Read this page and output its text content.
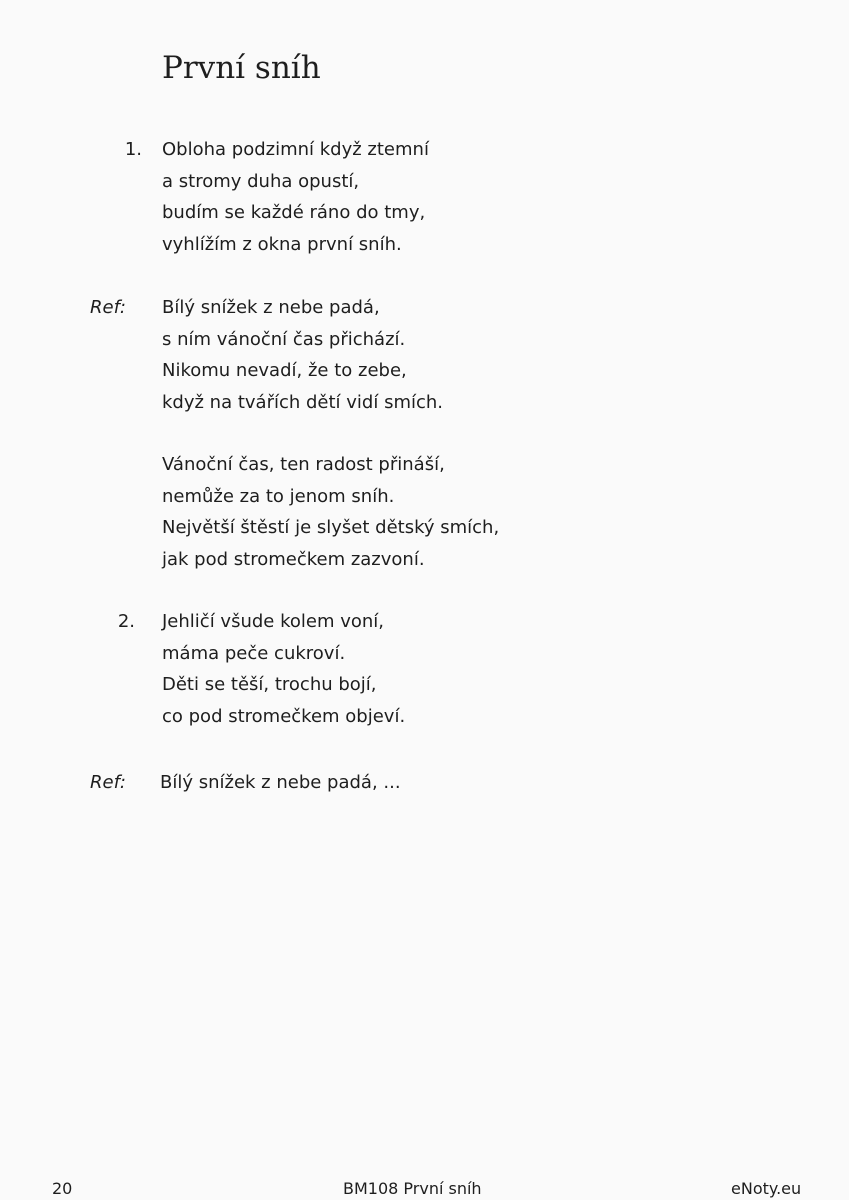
První sníh
1. Obloha podzimní když ztemní
a stromy duha opustí,
budím se každé ráno do tmy,
vyhlížím z okna první sníh.
Ref: Bílý snížek z nebe padá,
s ním vánoční čas přichází.
Nikomu nevadí, že to zebe,
když na tvářích dětí vidí smích.
Vánoční čas, ten radost přináší,
nemůže za to jenom sníh.
Největší štěstí je slyšet dětský smích,
jak pod stromečkem zazvoní.
2. Jehličí všude kolem voní,
máma peče cukroví.
Děti se těší, trochu bojí,
co pod stromečkem objeví.
Ref: Bílý snížek z nebe padá, ...
20	BM108 První sníh	eNoty.eu
